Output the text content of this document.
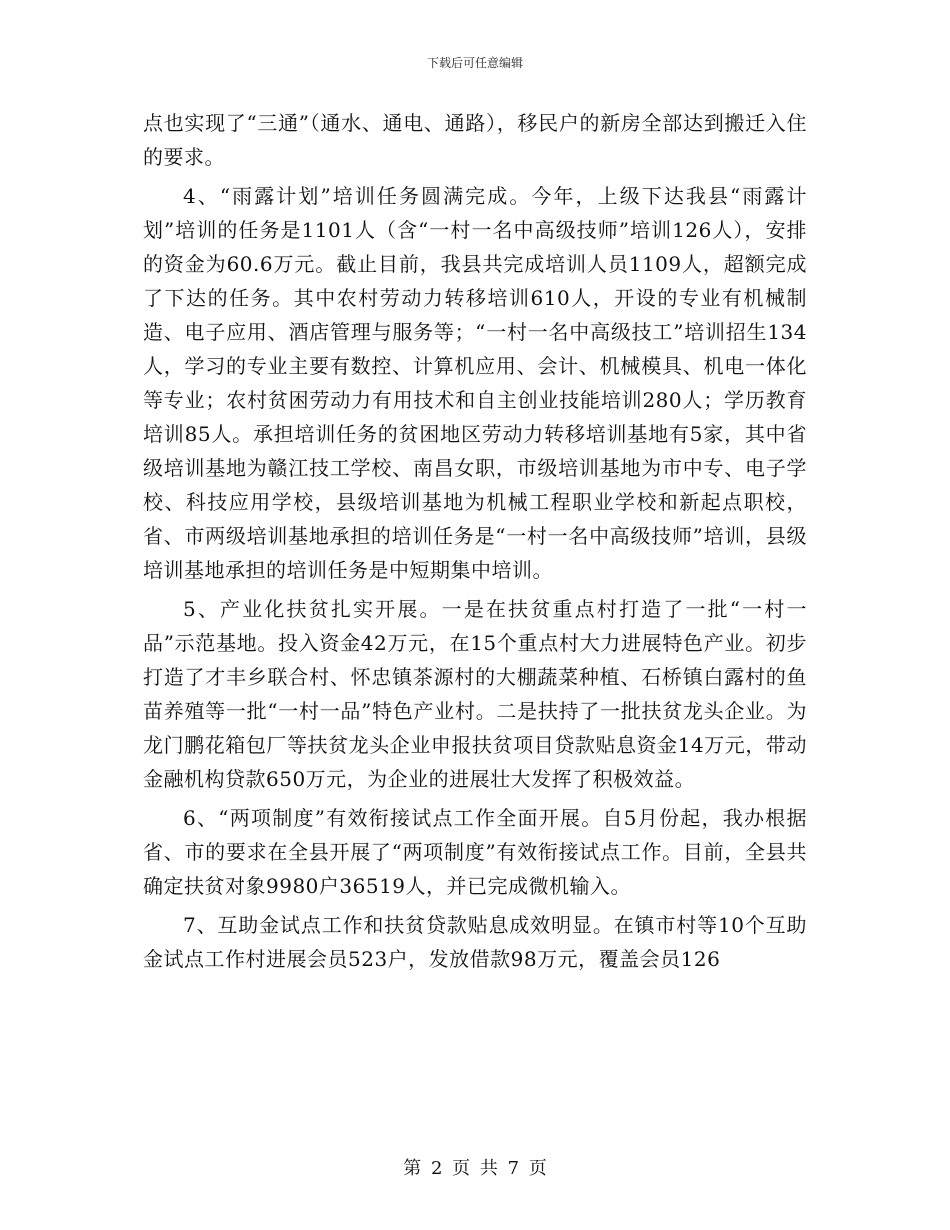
下载后可任意编辑

点也实现了“三通”（通水、通电、通路），移民户的新房全部达到搬迁入住的要求。

4、“雨露计划”培训任务圆满完成。今年，上级下达我县“雨露计划”培训的任务是1101人（含“一村一名中高级技师”培训126人），安排的资金为60.6万元。截止目前，我县共完成培训人员1109人，超额完成了下达的任务。其中农村劳动力转移培训610人，开设的专业有机械制造、电子应用、酒店管理与服务等；“一村一名中高级技工”培训招生134人，学习的专业主要有数控、计算机应用、会计、机械模具、机电一体化等专业；农村贫困劳动力有用技术和自主创业技能培训280人；学历教育培训85人。承担培训任务的贫困地区劳动力转移培训基地有5家，其中省级培训基地为赣江技工学校、南昌女职，市级培训基地为市中专、电子学校、科技应用学校，县级培训基地为机械工程职业学校和新起点职校，省、市两级培训基地承担的培训任务是“一村一名中高级技师”培训，县级培训基地承担的培训任务是中短期集中培训。

5、产业化扶贫扎实开展。一是在扶贫重点村打造了一批“一村一品”示范基地。投入资金42万元，在15个重点村大力进展特色产业。初步打造了才丰乡联合村、怀忠镇茶源村的大棚蔬菜种植、石桥镇白露村的鱼苗养殖等一批“一村一品”特色产业村。二是扶持了一批扶贫龙头企业。为龙门鹏花箱包厂等扶贫龙头企业申报扶贫项目贷款贴息资金14万元，带动金融机构贷款650万元，为企业的进展壮大发挥了积极效益。

6、“两项制度”有效衔接试点工作全面开展。自5月份起，我办根据省、市的要求在全县开展了“两项制度”有效衔接试点工作。目前，全县共确定扶贫对象9980户36519人，并已完成微机输入。

7、互助金试点工作和扶贫贷款贴息成效明显。在镇市村等10个互助金试点工作村进展会员523户，发放借款98万元，覆盖会员126

第 2 页 共 7 页
